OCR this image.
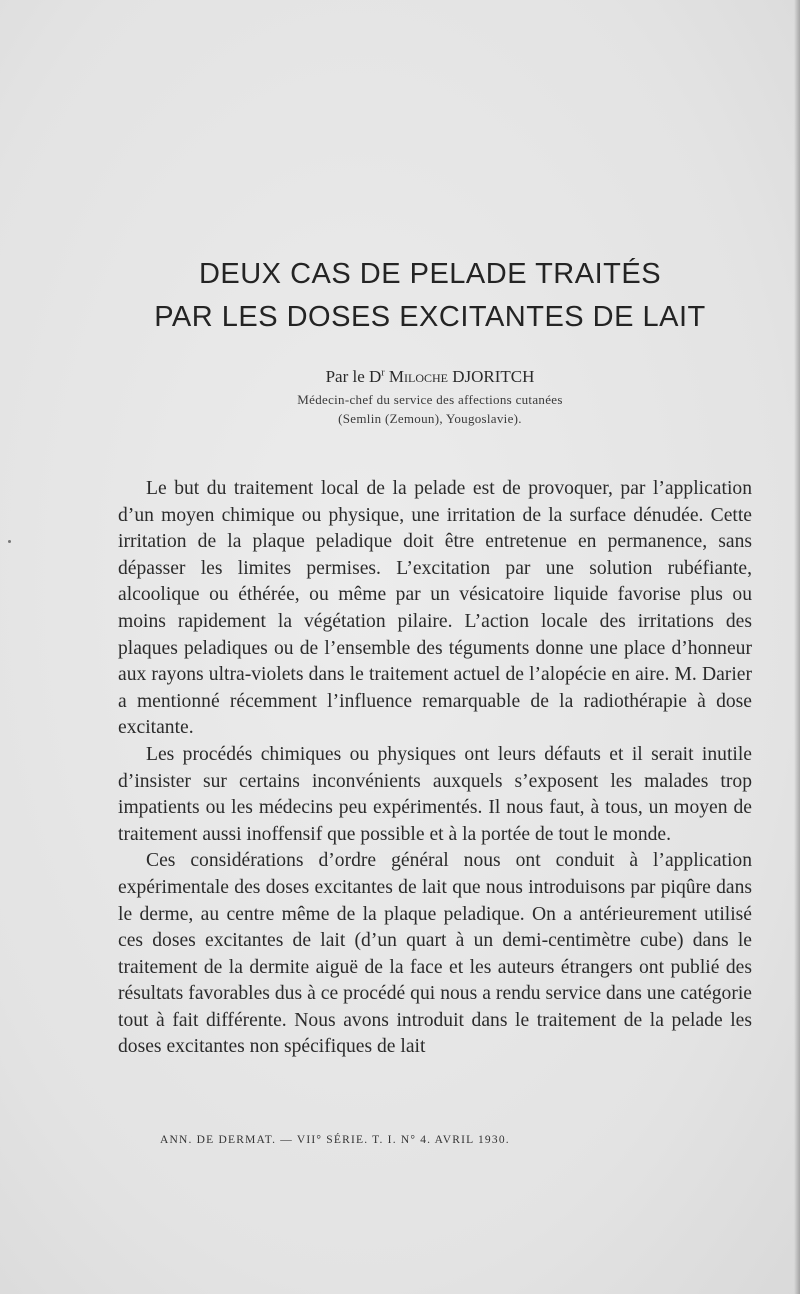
DEUX CAS DE PELADE TRAITÉS
PAR LES DOSES EXCITANTES DE LAIT
Par le $D^r$ Miloche DJORITCH
Médecin-chef du service des affections cutanées
(Semlin (Zemoun), Yougoslavie).

Le but du traitement local de la pelade est de provoquer, par l’application d’un moyen chimique ou physique, une irritation de la surface dénudée. Cette irritation de la plaque peladique doit être entretenue en permanence, sans dépasser les limites permises. L’excitation par une solution rubéfiante, alcoolique ou éthérée, ou même par un vésicatoire liquide favorise plus ou moins rapidement la végétation pilaire. L’action locale des irritations des plaques peladiques ou de l’ensemble des téguments donne une place d’honneur aux rayons ultra-violets dans le traitement actuel de l’alopécie en aire. M. Darier a mentionné récemment l’influence remarquable de la radiothérapie à dose excitante.

Les procédés chimiques ou physiques ont leurs défauts et il serait inutile d’insister sur certains inconvénients auxquels s’exposent les malades trop impatients ou les médecins peu expérimentés. Il nous faut, à tous, un moyen de traitement aussi inoffensif que possible et à la portée de tout le monde.

Ces considérations d’ordre général nous ont conduit à l’application expérimentale des doses excitantes de lait que nous introduisons par piqûre dans le derme, au centre même de la plaque peladique. On a antérieurement utilisé ces doses excitantes de lait (d’un quart à un demi-centimètre cube) dans le traitement de la dermite aiguë de la face et les auteurs étrangers ont publié des résultats favorables dus à ce procédé qui nous a rendu service dans une catégorie tout à fait différente. Nous avons introduit dans le traitement de la pelade les doses excitantes non spécifiques de lait

ANN. DE DERMAT. — VII° SÉRIE. T. I. N° 4. AVRIL 1930.
